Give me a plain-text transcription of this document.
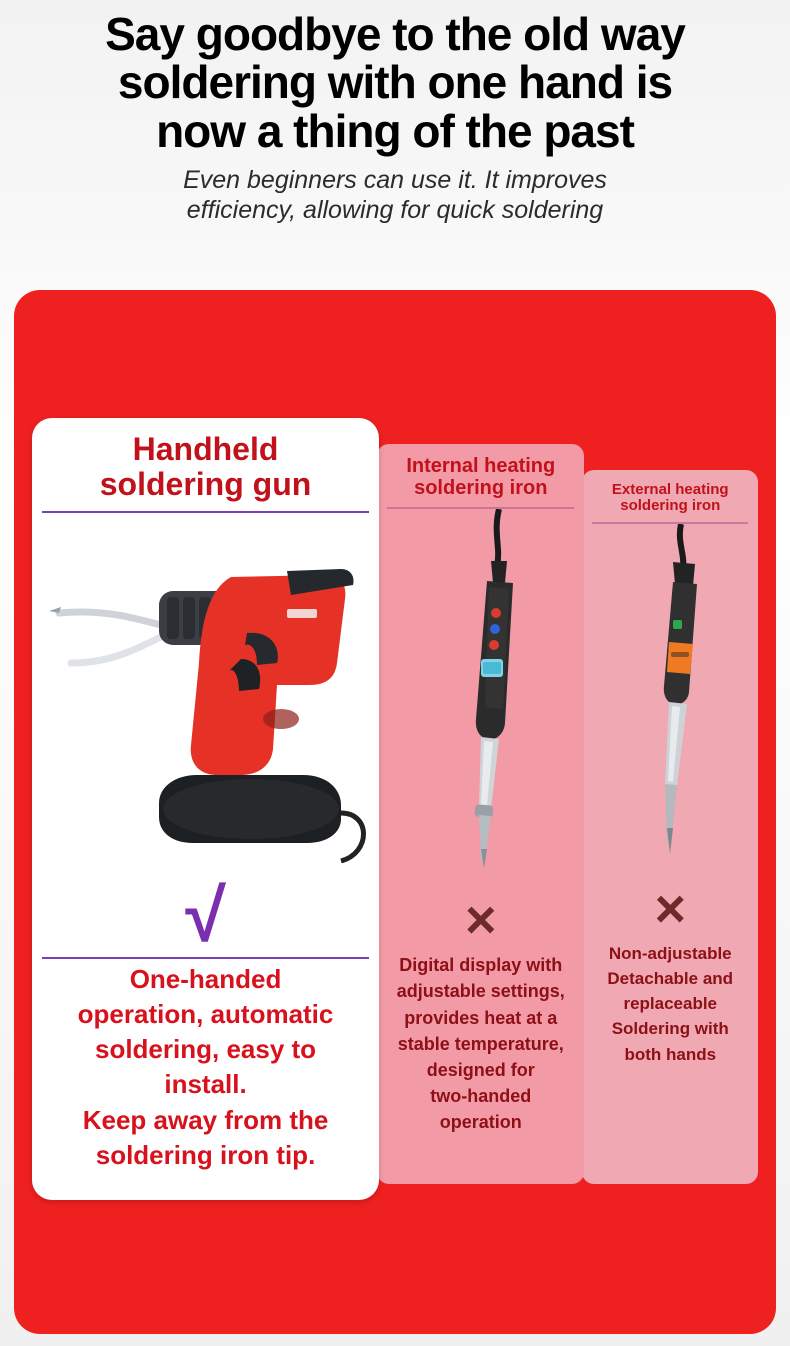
Say goodbye to the old way
soldering with one hand is
now a thing of the past
Even beginners can use it. It improves
efficiency, allowing for quick soldering
Handheld
soldering gun
√

One-handed

operation, automatic

soldering, easy to

install.

Keep away from the

soldering iron tip.

Internal heating
soldering iron
×

Digital display with

adjustable settings,

provides heat at a

stable temperature,

designed for

two-handed

operation

External heating
soldering iron
×

Non-adjustable

Detachable and

replaceable

Soldering with

both hands
